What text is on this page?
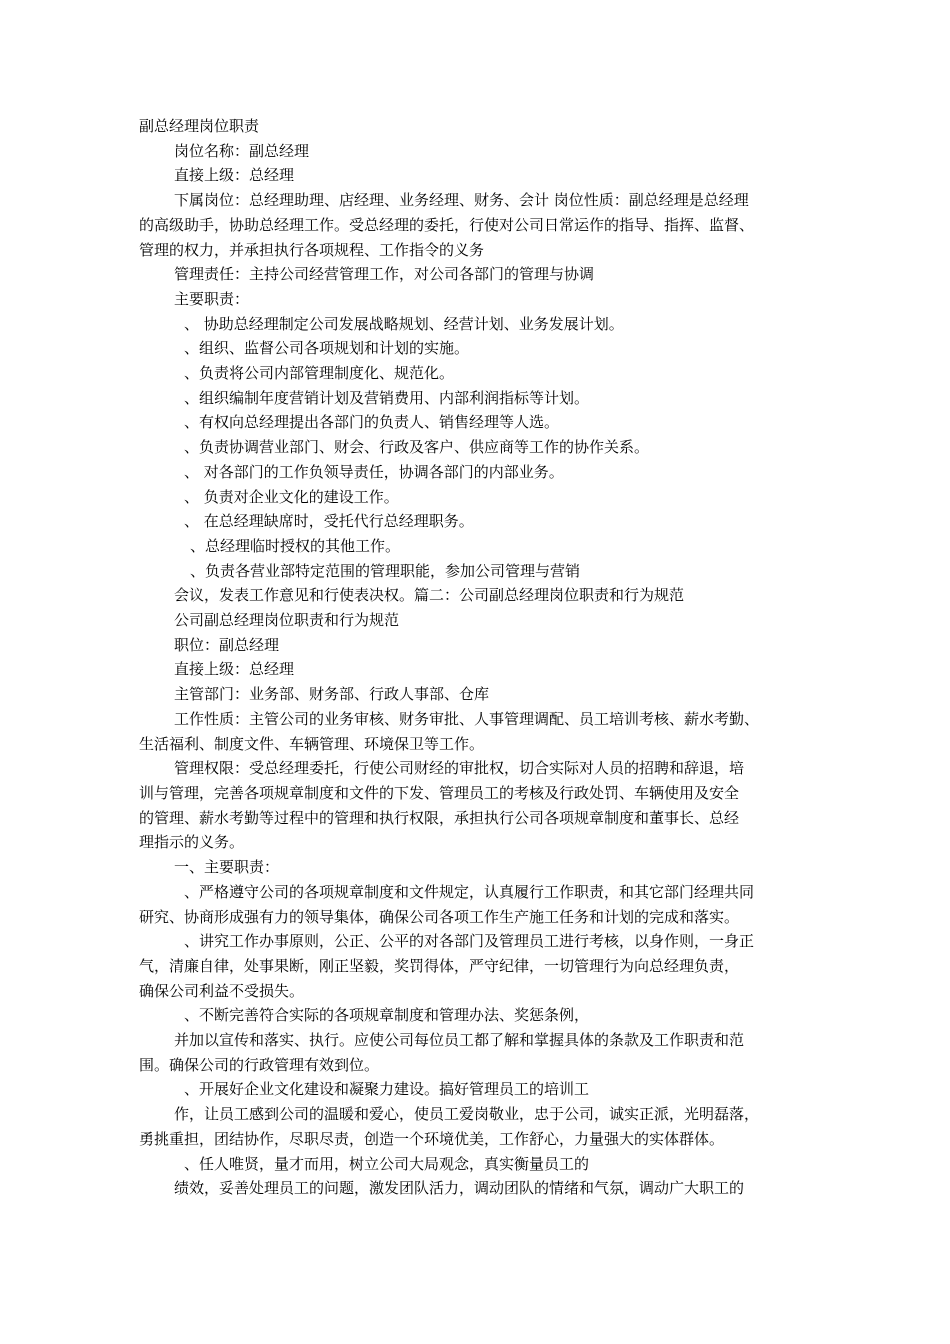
副总经理岗位职责
岗位名称：副总经理
直接上级：总经理
下属岗位：总经理助理、店经理、业务经理、财务、会计 岗位性质：副总经理是总经理
的高级助手，协助总经理工作。受总经理的委托，行使对公司日常运作的指导、指挥、监督、
管理的权力，并承担执行各项规程、工作指令的义务
管理责任：主持公司经营管理工作，对公司各部门的管理与协调
主要职责：
、 协助总经理制定公司发展战略规划、经营计划、业务发展计划。
、组织、监督公司各项规划和计划的实施。
、负责将公司内部管理制度化、规范化。
、组织编制年度营销计划及营销费用、内部利润指标等计划。
、有权向总经理提出各部门的负责人、销售经理等人选。
、负责协调营业部门、财会、行政及客户、供应商等工作的协作关系。
、 对各部门的工作负领导责任，协调各部门的内部业务。
、 负责对企业文化的建设工作。
、 在总经理缺席时，受托代行总经理职务。
、总经理临时授权的其他工作。
、负责各营业部特定范围的管理职能，参加公司管理与营销
会议，发表工作意见和行使表决权。篇二：公司副总经理岗位职责和行为规范
公司副总经理岗位职责和行为规范
职位：副总经理
直接上级：总经理
主管部门：业务部、财务部、行政人事部、仓库
工作性质：主管公司的业务审核、财务审批、人事管理调配、员工培训考核、薪水考勤、
生活福利、制度文件、车辆管理、环境保卫等工作。
管理权限：受总经理委托，行使公司财经的审批权，切合实际对人员的招聘和辞退，培
训与管理，完善各项规章制度和文件的下发、管理员工的考核及行政处罚、车辆使用及安全
的管理、薪水考勤等过程中的管理和执行权限，承担执行公司各项规章制度和董事长、总经
理指示的义务。
一、主要职责：
、严格遵守公司的各项规章制度和文件规定，认真履行工作职责，和其它部门经理共同
研究、协商形成强有力的领导集体，确保公司各项工作生产施工任务和计划的完成和落实。
、讲究工作办事原则，公正、公平的对各部门及管理员工进行考核，以身作则，一身正
气，清廉自律，处事果断，刚正坚毅，奖罚得体，严守纪律，一切管理行为向总经理负责，
确保公司利益不受损失。
、不断完善符合实际的各项规章制度和管理办法、奖惩条例，
并加以宣传和落实、执行。应使公司每位员工都了解和掌握具体的条款及工作职责和范
围。确保公司的行政管理有效到位。
、开展好企业文化建设和凝聚力建设。搞好管理员工的培训工
作，让员工感到公司的温暖和爱心，使员工爱岗敬业，忠于公司，诚实正派，光明磊落，
勇挑重担，团结协作，尽职尽责，创造一个环境优美，工作舒心，力量强大的实体群体。
、任人唯贤，量才而用，树立公司大局观念，真实衡量员工的
绩效，妥善处理员工的问题，激发团队活力，调动团队的情绪和气氛，调动广大职工的
